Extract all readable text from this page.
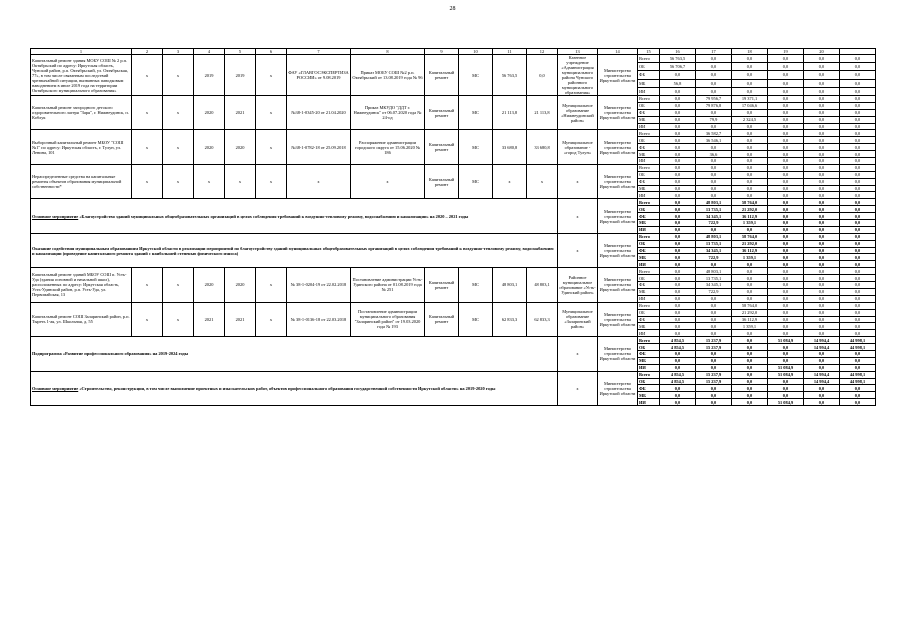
28
1	2	3	4	5	6	7	8	9	10	11	12	13	14	15	16	17	18	19	20	
Капитальный ремонт здания МОБУ СОШ № 2 р.п. Октябрьский по адресу: Иркутская область, Чунский район, р.п. Октябрьский, ул. Октябрьская, 77», в том числе связанным последствий чрезвычайной ситуации, вызванных паводковым наводнением в июле 2019 года на территории Октябрьского муниципального образования»	x	x	2019	2019	x	ФАУ «ГЛАВГОСЭКСПЕРТИЗА РОССИИ» от 9.08.2019	Приказ МОБУ СОШ №2 р.п. Октябрьский от 13.08.2019 года № 96	Капитальный ремонт	МС	56 763,5	0,0	Казенное учреждение «Администрация муниципального района Чунского районного муниципального образования»	Министерство строительства Иркутской области	Всего	56 763,5	0,0	0,0	0,0	0,0	0,0
														ОБ	56 706,7	0,0	0,0	0,0	0,0	0,0
														ФБ	0,0	0,0	0,0	0,0	0,0	0,0
														МБ	56,8	0,0	0,0	0,0	0,0	0,0
														ИИ	0,0	0,0	0,0	0,0	0,0	0,0
Капитальный ремонт загородного детского оздоровительного лагеря "Заря", г. Нижнеудинск, п. Коблук	x	x	2020	2021	x	№38-1-0345-20 от 21.04.2020	Приказ МКУДО "ДДТ г. Нижнеудинск" от 06.07.2020 года № 24-од	Капитальный ремонт	МС	21 113,8	21 113,8	Муниципальное образование «Нижнеудинский район»	Министерство строительства Иркутской области	Всего	0,0	79 956,7	19 371,1	0,0	0,0	0,0
														ОБ	0,0	79 876,8	17 046,6	0,0	0,0	0,0
														ФБ	0,0	0,0	0,0	0,0	0,0	0,0
														МБ	0,0	79,9	2 324,5	0,0	0,0	0,0
														ИИ	0,0	0,0	0,0	0,0	0,0	0,0
Выборочный капитальный ремонт МБОУ "СОШ №1" по адресу: Иркутская область, г. Тулун, ул. Ленина, 101	x	x	2020	2020	x	№38-1-0782-18 от 25.09.2018	Распоряжение администрации городского округа от 15.06.2020 № 186	Капитальный ремонт	МС	33 680,8	33 680,8	Муниципальное образование - «город Тулун»	Министерство строительства Иркутской области	Всего	0,0	36 582,7	0,0	0,0	0,0	0,0
														ОБ	0,0	36 546,1	0,0	0,0	0,0	0,0
														ФБ	0,0	0,0	0,0	0,0	0,0	0,0
														МБ	0,0	36,6	0,0	0,0	0,0	0,0
														ИИ	0,0	0,0	0,0	0,0	0,0	0,0
Нераспределенные средства на капитальные ремонты объектов образования муниципальной собственности*	x	x	x	x	x	x	x	Капитальный ремонт	МС	x	x	x	Министерство строительства Иркутской области	Всего	0,0	0,0	0,0	0,0	0,0	0,0
														ОБ	0,0	0,0	0,0	0,0	0,0	0,0
														ФБ	0,0	0,0	0,0	0,0	0,0	0,0
														МБ	0,0	0,0	0,0	0,0	0,0	0,0
														ИИ	0,0	0,0	0,0	0,0	0,0	0,0
Основное мероприятие «Благоустройство зданий муниципальных общеобразовательных организаций в целях соблюдения требований к воздушно-тепловому режиму, водоснабжению и канализации» на 2020 – 2021 годы												x	Министерство строительства Иркутской области	Всего	0,0	48 803,1	58 764,0	0,0	0,0	0,0
														ОБ	0,0	13 735,1	21 292,0	0,0	0,0	0,0
														ФБ	0,0	34 345,1	36 112,9	0,0	0,0	0,0
														МБ	0,0	722,9	1 359,1	0,0	0,0	0,0
														ИИ	0,0	0,0	0,0	0,0	0,0	0,0
Оказание содействия муниципальным образованиям Иркутской области в реализации мероприятий по благоустройству зданий муниципальных общеобразовательных организаций в целях соблюдения требований к воздушно-тепловому режиму, водоснабжению и канализации (проведение капитального ремонта зданий с наибольшей степенью физического износа)												x	Министерство строительства Иркутской области	Всего	0,0	48 803,1	58 764,0	0,0	0,0	0,0
														ОБ	0,0	13 735,1	21 292,0	0,0	0,0	0,0
														ФБ	0,0	34 345,1	36 112,9	0,0	0,0	0,0
														МБ	0,0	722,9	1 359,1	0,0	0,0	0,0
														ИИ	0,0	0,0	0,0	0,0	0,0	0,0
Капитальный ремонт зданий МБОУ СОШ п. Усть-Уда (здания основной и начальной школ), расположенных по адресу: Иркутская область, Усть-Удинский район, р.п. Усть-Уда, ул. Первомайская, 13	x	x	2020	2020	x	№ 38-1-0204-19 от 22.02.2018	Постановление администрации Усть-Удинского района от 01.08.2019 года № 251	Капитальный ремонт	МС	48 803,1	48 803,1	Районное муниципальное образование «Усть-Удинский район»	Министерство строительства Иркутской области	Всего	0,0	48 803,1	0,0	0,0	0,0	0,0
														ОБ	0,0	13 735,1	0,0	0,0	0,0	0,0
														ФБ	0,0	34 345,1	0,0	0,0	0,0	0,0
														МБ	0,0	722,9	0,0	0,0	0,0	0,0
														ИИ	0,0	0,0	0,0	0,0	0,0	0,0
Капитальный ремонт СОШ Заларинский район, р.п. Тыреть 1-ая, ул. Школьная, д. 55	x	x	2021	2021	x	№ 38-1-0136-18 от 22.03.2018	Постановление администрации муниципального образования "Заларинский район" от 19.03.2020 года № 193	Капитальный ремонт	МС	62 833,3	62 833,3	Муниципальное образование «Заларинский район»	Министерство строительства Иркутской области	Всего	0,0	0,0	58 764,0	0,0	0,0	0,0
														ОБ	0,0	0,0	21 292,0	0,0	0,0	0,0
														ФБ	0,0	0,0	36 112,9	0,0	0,0	0,0
														МБ	0,0	0,0	1 359,1	0,0	0,0	0,0
														ИИ	0,0	0,0	0,0	0,0	0,0	0,0
Подпрограмма «Развитие профессионального образования» на 2019-2024 годы												x	Министерство строительства Иркутской области	Всего	4 854,5	15 237,9	0,0	51 084,9	14 994,4	44 998,1
														ОБ	4 854,5	15 237,9	0,0	0,0	14 994,4	44 998,1
														ФБ	0,0	0,0	0,0	0,0	0,0	0,0
														МБ	0,0	0,0	0,0	0,0	0,0	0,0
														ИИ	0,0	0,0	0,0	51 084,9	0,0	0,0
Основное мероприятие «Строительство, реконструкция, в том числе выполнение проектных и изыскательских работ, объектов профессионального образования государственной собственности Иркутской области» на 2019-2020 годы												x	Министерство строительства Иркутской области	Всего	4 854,5	15 237,9	0,0	51 084,9	14 994,4	44 998,1
														ОБ	4 854,5	15 237,9	0,0	0,0	14 994,4	44 998,1
														ФБ	0,0	0,0	0,0	0,0	0,0	0,0
														МБ	0,0	0,0	0,0	0,0	0,0	0,0
														ИИ	0,0	0,0	0,0	51 084,9	0,0	0,0
